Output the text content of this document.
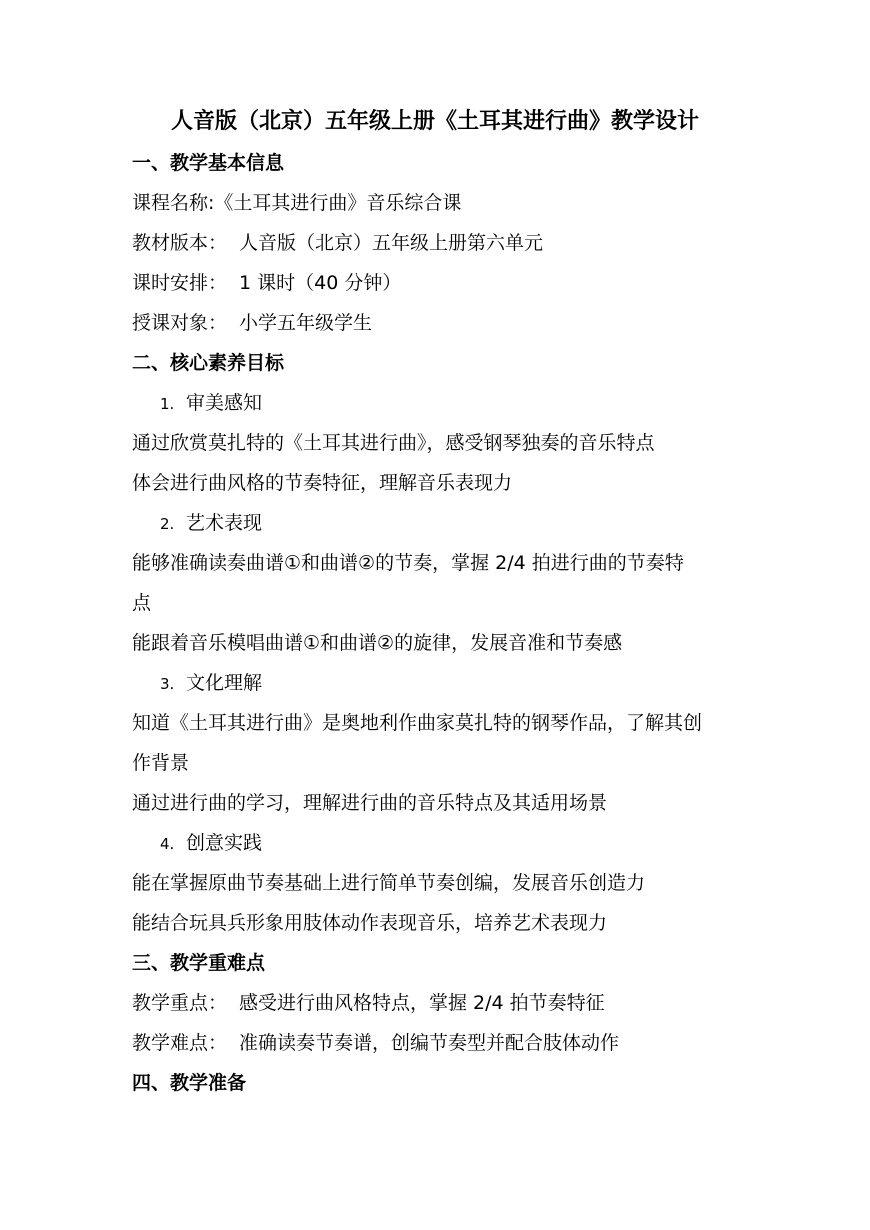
人音版（北京）五年级上册《土耳其进行曲》教学设计
一、教学基本信息
课程名称:《土耳其进行曲》音乐综合课
教材版本： 人音版（北京）五年级上册第六单元
课时安排： 1 课时（40 分钟）
授课对象： 小学五年级学生
二、核心素养目标
1. 审美感知
通过欣赏莫扎特的《土耳其进行曲》，感受钢琴独奏的音乐特点
体会进行曲风格的节奏特征，理解音乐表现力
2. 艺术表现
能够准确读奏曲谱①和曲谱②的节奏，掌握 2/4 拍进行曲的节奏特
点
能跟着音乐模唱曲谱①和曲谱②的旋律，发展音准和节奏感
3. 文化理解
知道《土耳其进行曲》是奥地利作曲家莫扎特的钢琴作品，了解其创
作背景
通过进行曲的学习，理解进行曲的音乐特点及其适用场景
4. 创意实践
能在掌握原曲节奏基础上进行简单节奏创编，发展音乐创造力
能结合玩具兵形象用肢体动作表现音乐，培养艺术表现力
三、教学重难点
教学重点： 感受进行曲风格特点，掌握 2/4 拍节奏特征
教学难点： 准确读奏节奏谱，创编节奏型并配合肢体动作
四、教学准备
